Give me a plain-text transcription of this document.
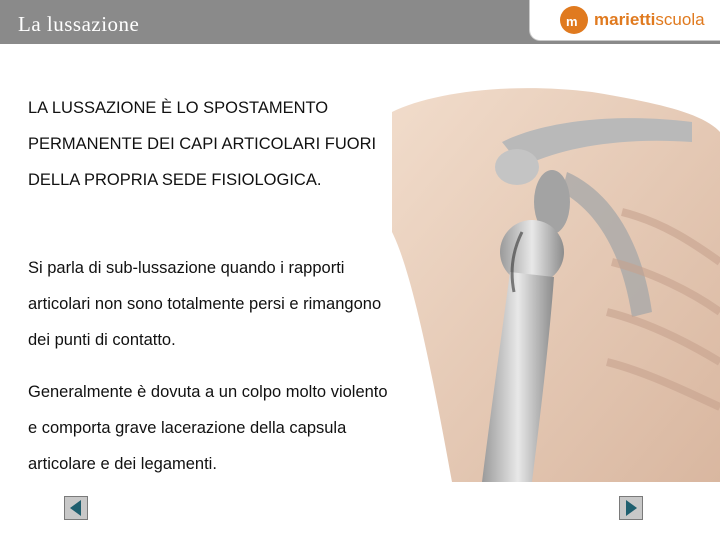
La lussazione	m mariettiscuola
LA LUSSAZIONE È LO SPOSTAMENTO PERMANENTE DEI CAPI ARTICOLARI FUORI DELLA PROPRIA SEDE FISIOLOGICA.
Si parla di sub-lussazione quando i rapporti articolari non sono totalmente persi e rimangono dei punti di contatto.
Generalmente è dovuta a un colpo molto violento e comporta grave lacerazione della capsula articolare e dei legamenti.
